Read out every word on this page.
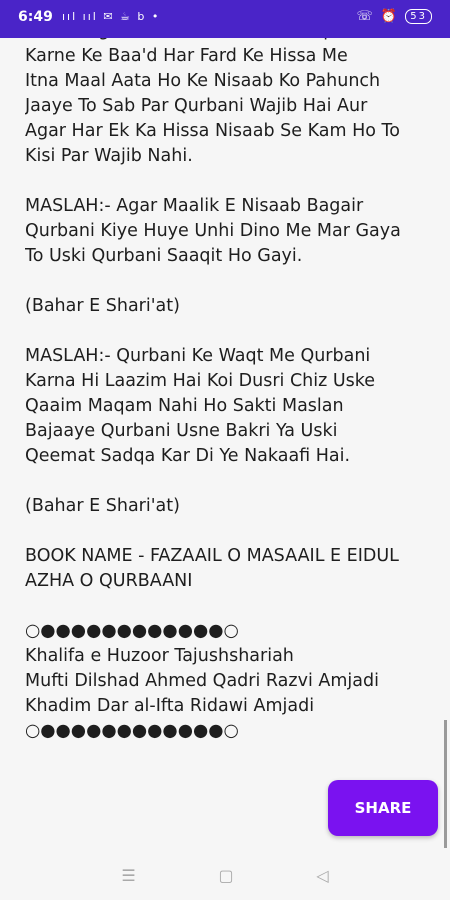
6:49 ııl ııl ✉ ☕ b •	☏ ⏰ 53

Karne Ke Baa'd Har Fard Ke Hissa Me
Itna Maal Aata Ho Ke Nisaab Ko Pahunch
Jaaye To Sab Par Qurbani Wajib Hai Aur
Agar Har Ek Ka Hissa Nisaab Se Kam Ho To
Kisi Par Wajib Nahi.

MASLAH:- Agar Maalik E Nisaab Bagair
Qurbani Kiye Huye Unhi Dino Me Mar Gaya
To Uski Qurbani Saaqit Ho Gayi.

(Bahar E Shari'at)

MASLAH:- Qurbani Ke Waqt Me Qurbani
Karna Hi Laazim Hai Koi Dusri Chiz Uske
Qaaim Maqam Nahi Ho Sakti Maslan
Bajaaye Qurbani Usne Bakri Ya Uski
Qeemat Sadqa Kar Di Ye Nakaafi Hai.

(Bahar E Shari'at)

BOOK NAME - FAZAAIL O MASAAIL E EIDUL
AZHA O QURBAANI

○●●●●●●●●●●●●○
Khalifa e Huzoor Tajushshariah
Mufti Dilshad Ahmed Qadri Razvi Amjadi
Khadim Dar al-Ifta Ridawi Amjadi
○●●●●●●●●●●●●○

SHARE
☰	▢	◁
